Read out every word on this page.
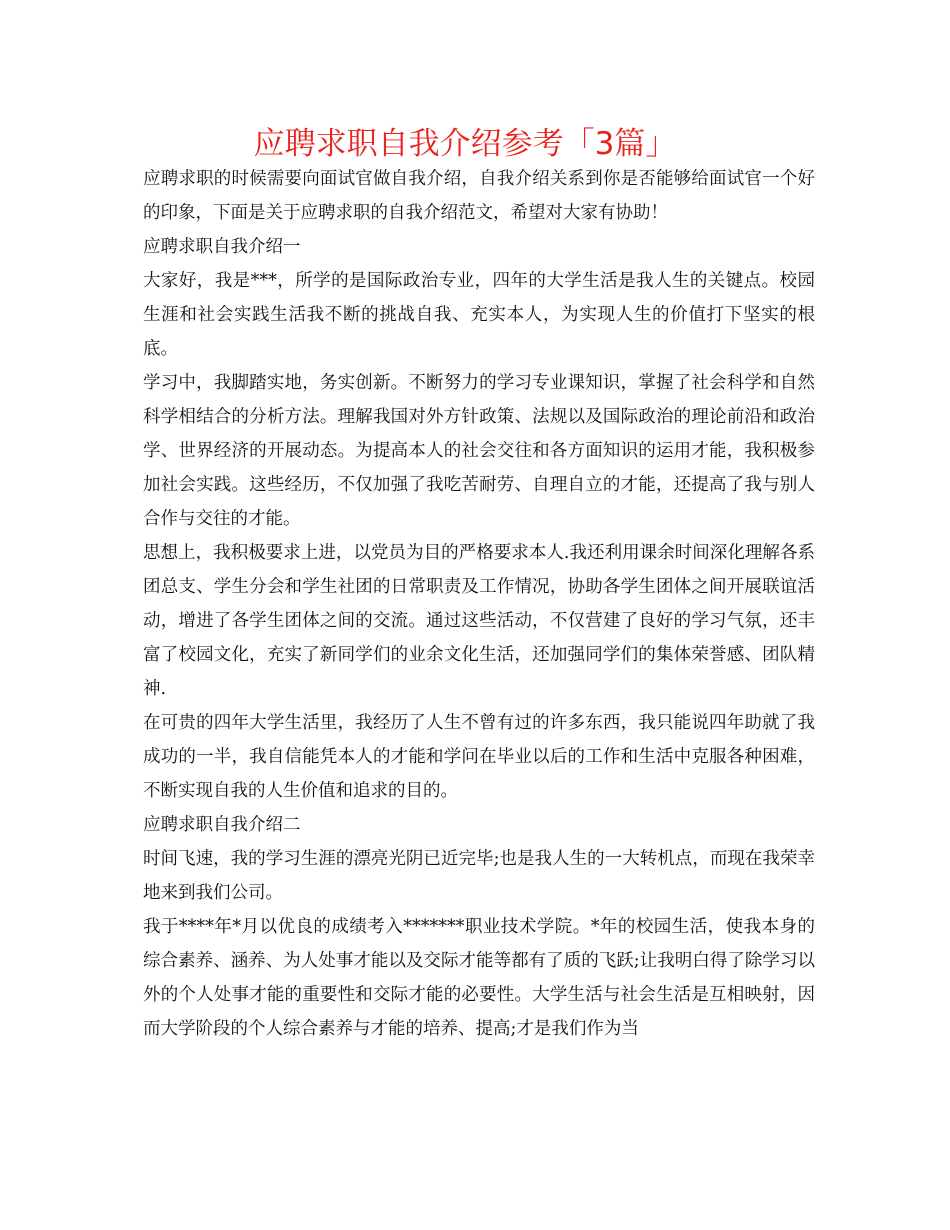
应聘求职自我介绍参考「3篇」

应聘求职的时候需要向面试官做自我介绍，自我介绍关系到你是否能够给面试官一个好的印象，下面是关于应聘求职的自我介绍范文，希望对大家有协助！

应聘求职自我介绍一

大家好，我是***，所学的是国际政治专业，四年的大学生活是我人生的关键点。校园生涯和社会实践生活我不断的挑战自我、充实本人，为实现人生的价值打下坚实的根底。

学习中，我脚踏实地，务实创新。不断努力的学习专业课知识，掌握了社会科学和自然科学相结合的分析方法。理解我国对外方针政策、法规以及国际政治的理论前沿和政治学、世界经济的开展动态。为提高本人的社会交往和各方面知识的运用才能，我积极参加社会实践。这些经历，不仅加强了我吃苦耐劳、自理自立的才能，还提高了我与别人合作与交往的才能。

思想上，我积极要求上进，以党员为目的严格要求本人.我还利用课余时间深化理解各系团总支、学生分会和学生社团的日常职责及工作情况，协助各学生团体之间开展联谊活动，增进了各学生团体之间的交流。通过这些活动，不仅营建了良好的学习气氛，还丰富了校园文化，充实了新同学们的业余文化生活，还加强同学们的集体荣誉感、团队精神.

在可贵的四年大学生活里，我经历了人生不曾有过的许多东西，我只能说四年助就了我成功的一半，我自信能凭本人的才能和学问在毕业以后的工作和生活中克服各种困难，不断实现自我的人生价值和追求的目的。

应聘求职自我介绍二

时间飞速，我的学习生涯的漂亮光阴已近完毕;也是我人生的一大转机点，而现在我荣幸地来到我们公司。

我于****年*月以优良的成绩考入*******职业技术学院。*年的校园生活，使我本身的综合素养、涵养、为人处事才能以及交际才能等都有了质的飞跃;让我明白得了除学习以外的个人处事才能的重要性和交际才能的必要性。大学生活与社会生活是互相映射，因而大学阶段的个人综合素养与才能的培养、提高;才是我们作为当
